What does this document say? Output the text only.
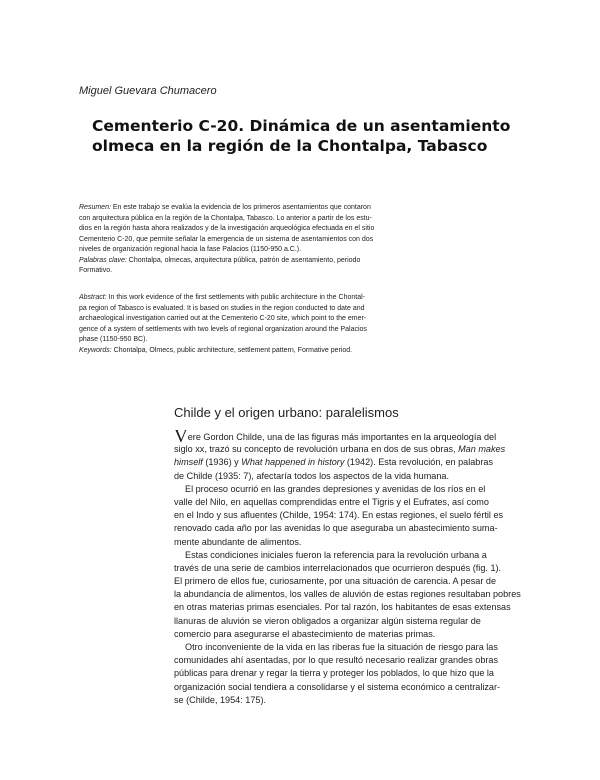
Miguel Guevara Chumacero
Cementerio C-20. Dinámica de un asentamiento
olmeca en la región de la Chontalpa, Tabasco
Resumen: En este trabajo se evalúa la evidencia de los primeros asentamientos que contaron
con arquitectura pública en la región de la Chontalpa, Tabasco. Lo anterior a partir de los estu-
dios en la región hasta ahora realizados y de la investigación arqueológica efectuada en el sitio
Cementerio C-20, que permite señalar la emergencia de un sistema de asentamientos con dos
niveles de organización regional hacia la fase Palacios (1150-950 a.C.).
Palabras clave: Chontalpa, olmecas, arquitectura pública, patrón de asentamiento, periodo
Formativo.
Abstract: In this work evidence of the first settlements with public architecture in the Chontal-
pa region of Tabasco is evaluated. It is based on studies in the region conducted to date and
archaeological investigation carried out at the Cementerio C-20 site, which point to the emer-
gence of a system of settlements with two levels of regional organization around the Palacios
phase (1150-950 BC).
Keywords: Chontalpa, Olmecs, public architecture, settlement pattern, Formative period.
Childe y el origen urbano: paralelismos
Vere Gordon Childe, una de las figuras más importantes en la arqueología del
siglo xx, trazó su concepto de revolución urbana en dos de sus obras, Man makes
himself (1936) y What happened in history (1942). Esta revolución, en palabras
de Childe (1935: 7), afectaría todos los aspectos de la vida humana.
El proceso ocurrió en las grandes depresiones y avenidas de los ríos en el
valle del Nilo, en aquellas comprendidas entre el Tigris y el Eufrates, así como
en el Indo y sus afluentes (Childe, 1954: 174). En estas regiones, el suelo fértil es
renovado cada año por las avenidas lo que aseguraba un abastecimiento suma-
mente abundante de alimentos.
Estas condiciones iniciales fueron la referencia para la revolución urbana a
través de una serie de cambios interrelacionados que ocurrieron después (fig. 1).
El primero de ellos fue, curiosamente, por una situación de carencia. A pesar de
la abundancia de alimentos, los valles de aluvión de estas regiones resultaban pobres
en otras materias primas esenciales. Por tal razón, los habitantes de esas extensas
llanuras de aluvión se vieron obligados a organizar algún sistema regular de
comercio para asegurarse el abastecimiento de materias primas.
Otro inconveniente de la vida en las riberas fue la situación de riesgo para las
comunidades ahí asentadas, por lo que resultó necesario realizar grandes obras
públicas para drenar y regar la tierra y proteger los poblados, lo que hizo que la
organización social tendiera a consolidarse y el sistema económico a centralizar-
se (Childe, 1954: 175).
